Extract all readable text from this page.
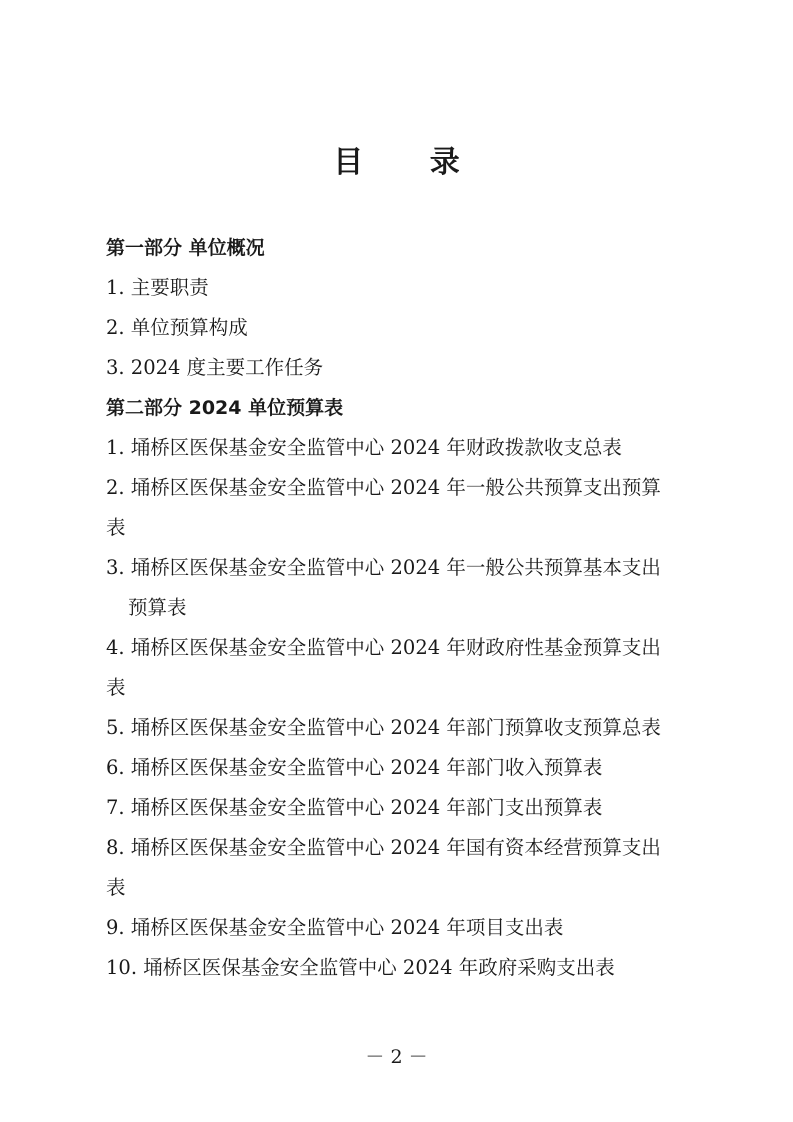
目 录
第一部分 单位概况
1. 主要职责
2. 单位预算构成
3. 2024 度主要工作任务
第二部分 2024 单位预算表
1. 埇桥区医保基金安全监管中心 2024 年财政拨款收支总表
2. 埇桥区医保基金安全监管中心 2024 年一般公共预算支出预算
表
3. 埇桥区医保基金安全监管中心 2024 年一般公共预算基本支出
预算表
4. 埇桥区医保基金安全监管中心 2024 年财政府性基金预算支出
表
5. 埇桥区医保基金安全监管中心 2024 年部门预算收支预算总表
6. 埇桥区医保基金安全监管中心 2024 年部门收入预算表
7. 埇桥区医保基金安全监管中心 2024 年部门支出预算表
8. 埇桥区医保基金安全监管中心 2024 年国有资本经营预算支出
表
9. 埇桥区医保基金安全监管中心 2024 年项目支出表
10. 埇桥区医保基金安全监管中心 2024 年政府采购支出表
－ 2 －
